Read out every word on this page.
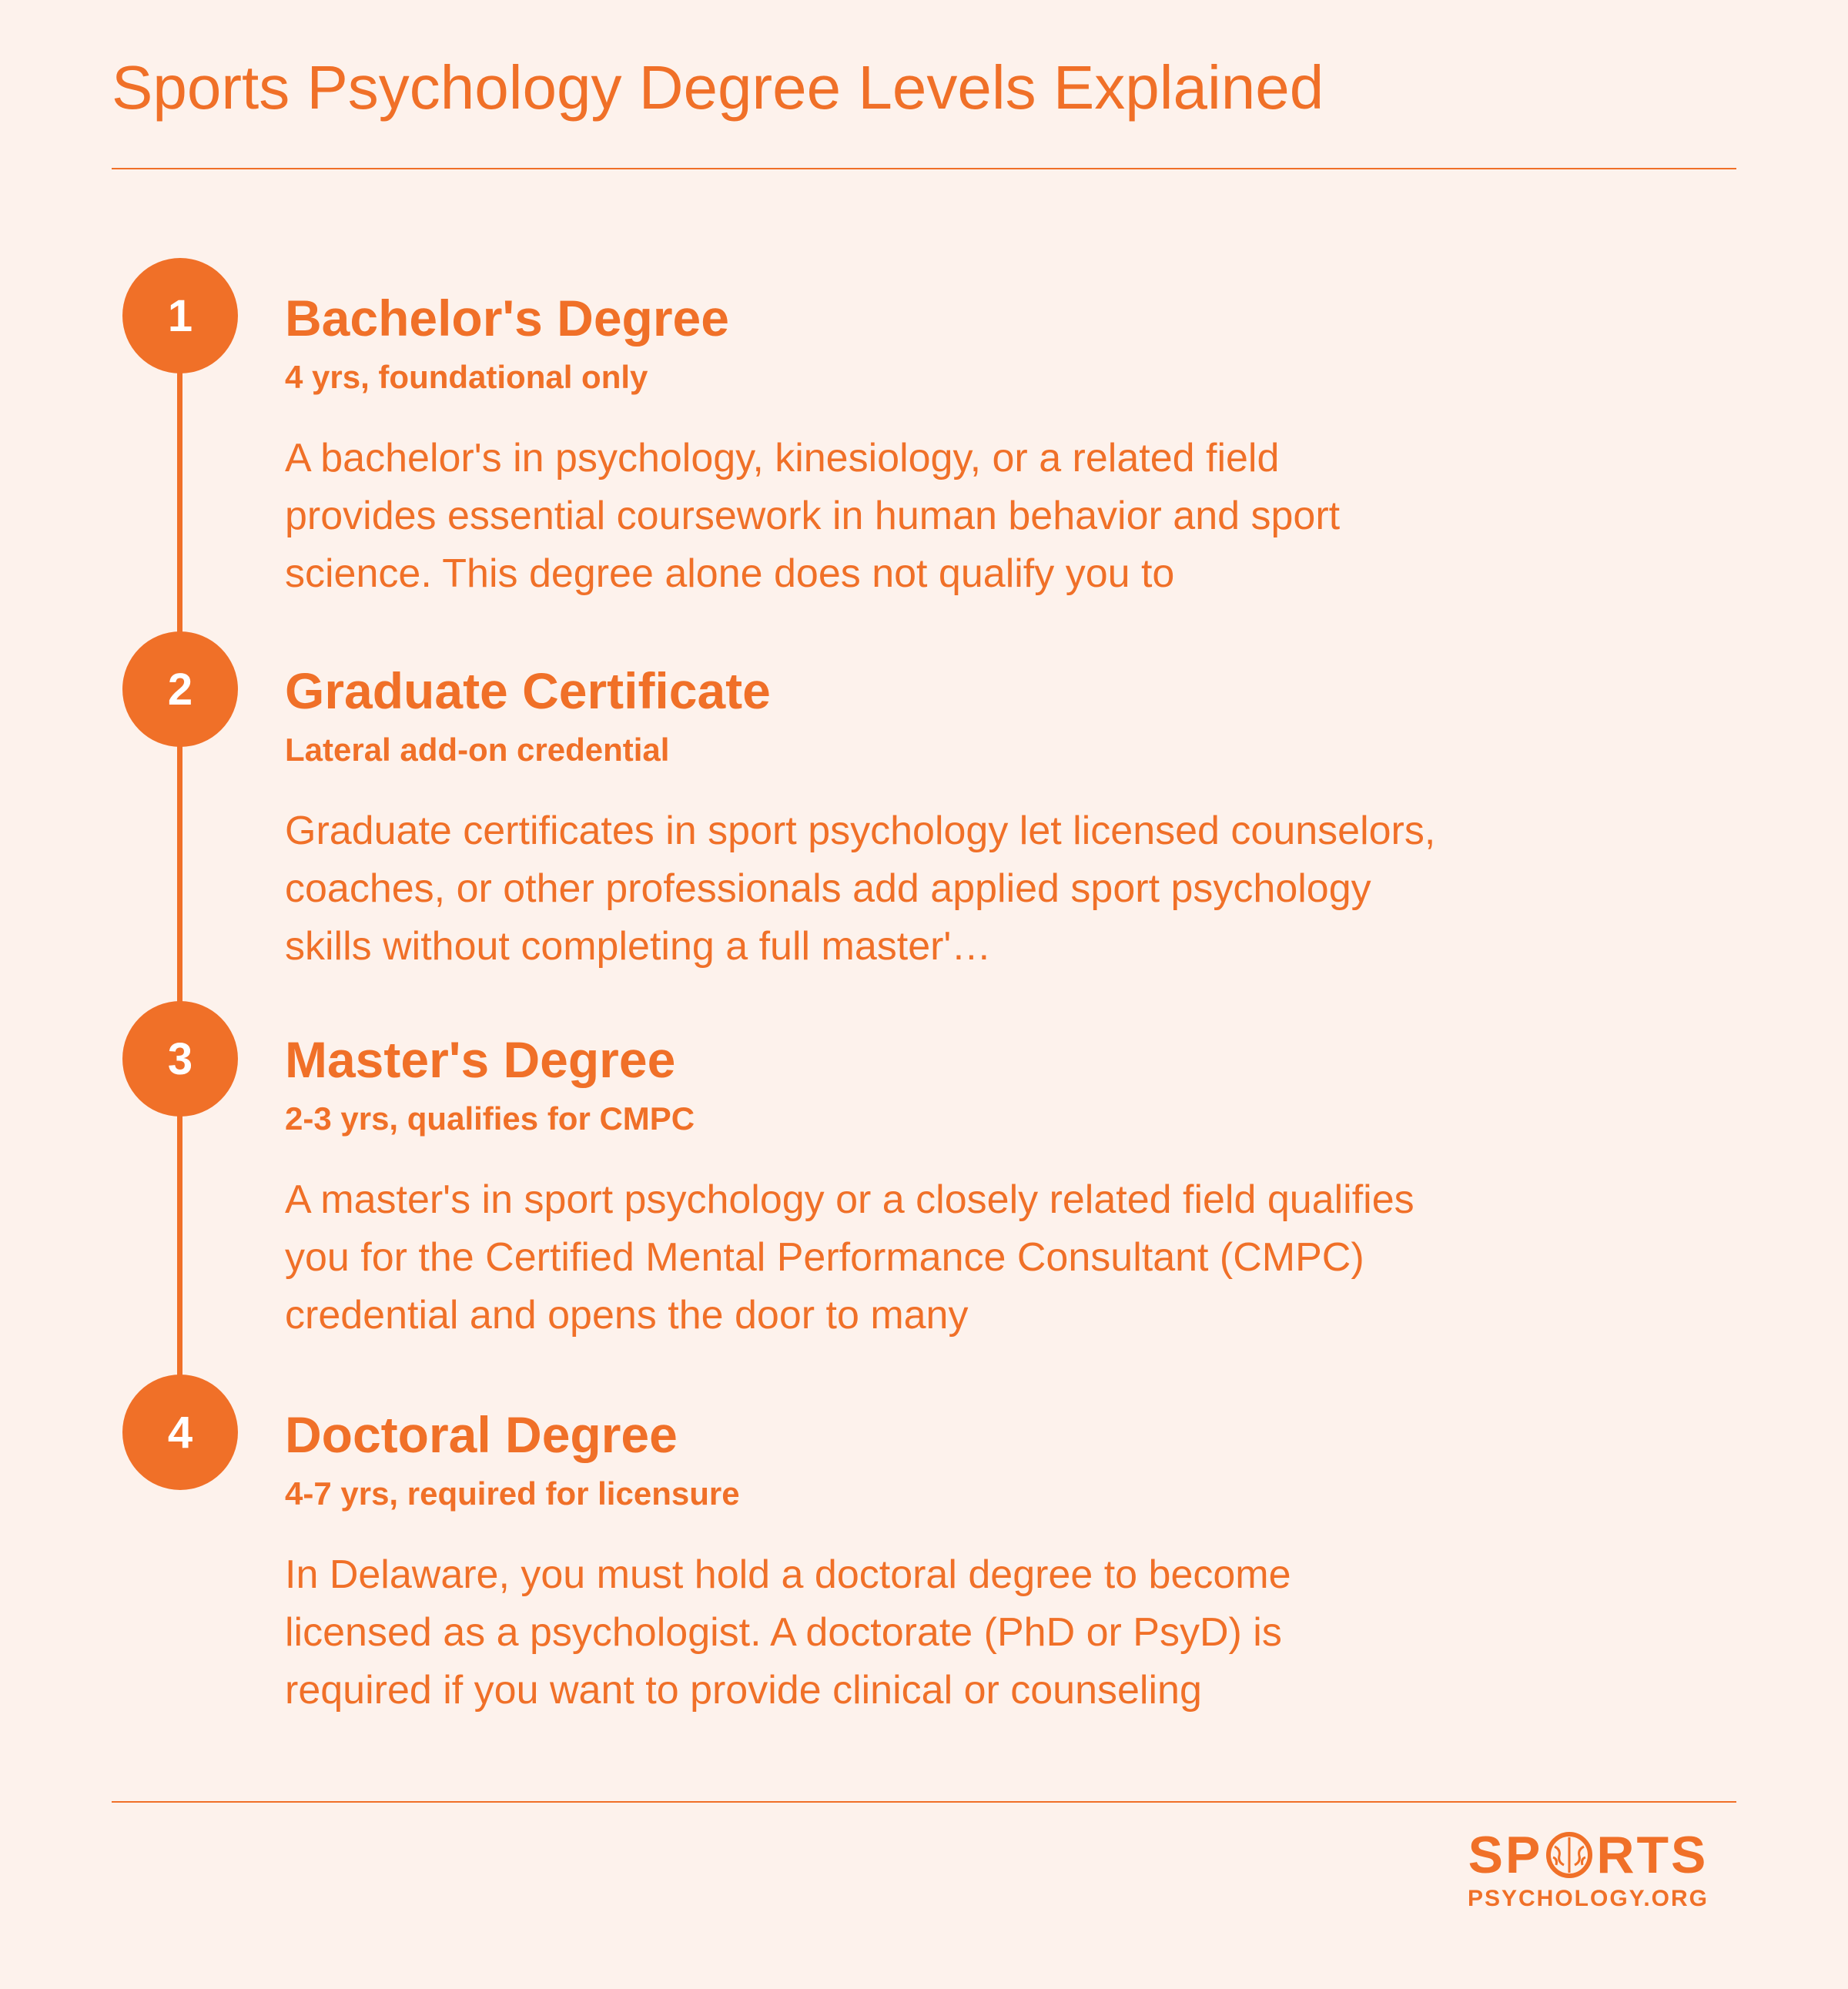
Sports Psychology Degree Levels Explained
1 Bachelor's Degree

4 yrs, foundational only

A bachelor's in psychology, kinesiology, or a related field provides essential coursework in human behavior and sport science. This degree alone does not qualify you to

2 Graduate Certificate

Lateral add-on credential

Graduate certificates in sport psychology let licensed counselors, coaches, or other professionals add applied sport psychology skills without completing a full master'…

3 Master's Degree

2-3 yrs, qualifies for CMPC

A master's in sport psychology or a closely related field qualifies you for the Certified Mental Performance Consultant (CMPC) credential and opens the door to many

4 Doctoral Degree

4-7 yrs, required for licensure

In Delaware, you must hold a doctoral degree to become licensed as a psychologist. A doctorate (PhD or PsyD) is required if you want to provide clinical or counseling

SP RTS
PSYCHOLOGY.ORG
